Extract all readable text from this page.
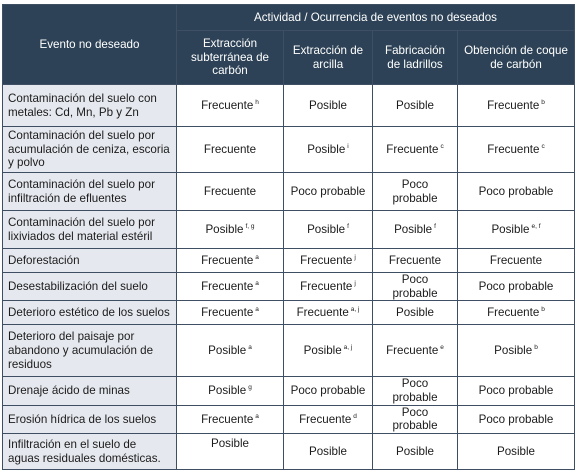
Evento no deseado	Actividad / Ocurrencia de eventos no deseados			
	Extracción subterránea de carbón	Extracción de arcilla	Fabricación de ladrillos	Obtención de coque de carbón
Contaminación del suelo con metales: Cd, Mn, Pb y Zn	Frecuente $^h$	Posible	Posible	Frecuente $^b$
Contaminación del suelo por acumulación de ceniza, escoria y polvo	Frecuente	Posible $^i$	Frecuente $^c$	Frecuente $^c$
Contaminación del suelo por infiltración de efluentes	Frecuente	Poco probable	Poco probable	Poco probable
Contaminación del suelo por lixiviados del material estéril	Posible $^{f, g}$	Posible $^f$	Posible $^f$	Posible $^{e, f}$
Deforestación	Frecuente $^a$	Frecuente $^j$	Frecuente	Frecuente
Desestabilización del suelo	Frecuente $^a$	Frecuente $^j$	Poco probable	Poco probable
Deterioro estético de los suelos	Frecuente $^a$	Frecuente $^{a, j}$	Posible	Frecuente $^b$
Deterioro del paisaje por abandono y acumulación de residuos	Posible $^a$	Posible $^{a, j}$	Frecuente $^e$	Posible $^b$
Drenaje ácido de minas	Posible $^g$	Poco probable	Poco probable	Poco probable
Erosión hídrica de los suelos	Frecuente $^a$	Frecuente $^d$	Poco probable	Poco probable
Infiltración en el suelo de aguas residuales domésticas.	Posible	Posible	Posible	Posible
